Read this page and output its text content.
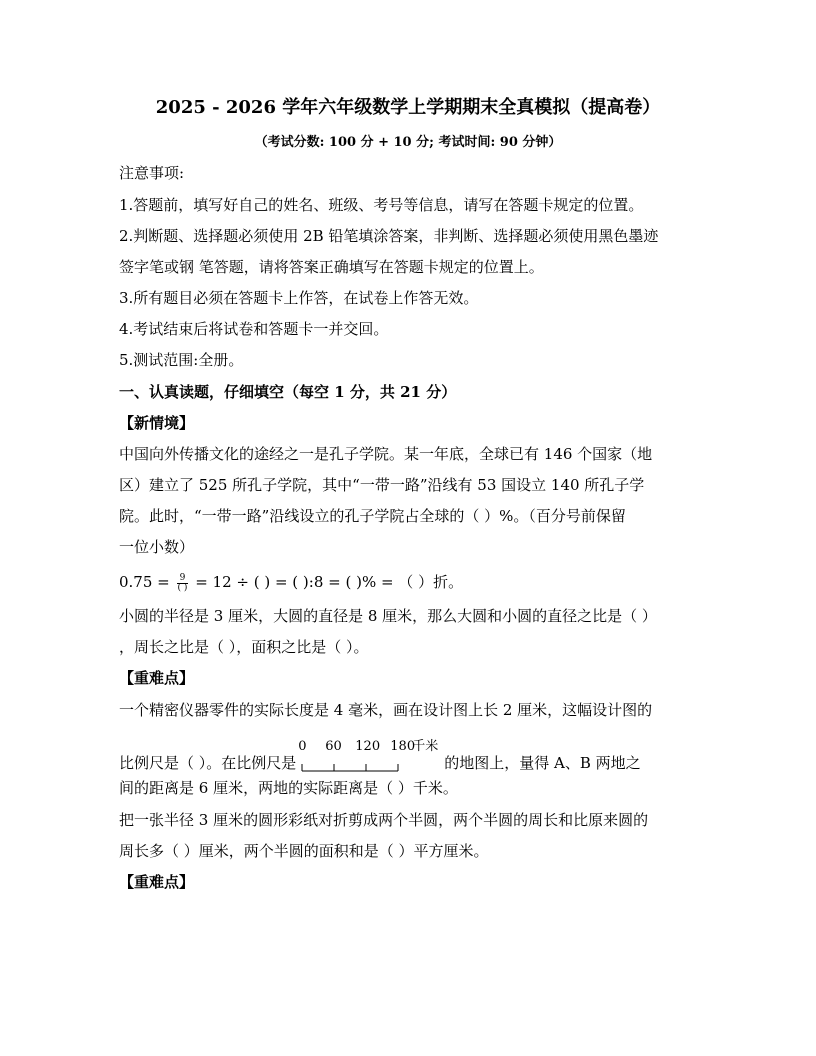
2025 - 2026 学年六年级数学上学期期末全真模拟（提高卷）
（考试分数: 100 分 + 10 分; 考试时间: 90 分钟）
注意事项:
1.答题前，填写好自己的姓名、班级、考号等信息，请写在答题卡规定的位置。
2.判断题、选择题必须使用 2B 铅笔填涂答案，非判断、选择题必须使用黑色墨迹
签字笔或钢 笔答题，请将答案正确填写在答题卡规定的位置上。
3.所有题目必须在答题卡上作答，在试卷上作答无效。
4.考试结束后将试卷和答题卡一并交回。
5.测试范围:全册。
一、认真读题，仔细填空（每空 1 分，共 21 分）
【新情境】
中国向外传播文化的途经之一是孔子学院。某一年底，全球已有 146 个国家（地
区）建立了 525 所孔子学院，其中“一带一路”沿线有 53 国设立 140 所孔子学
院。此时，“一带一路”沿线设立的孔子学院占全球的（ ）%。（百分号前保留
一位小数）
$0.75 = \frac{9}{( )} = 12$ ÷ ( ) = ( ):8 = ( )% = （ ）折。
小圆的半径是 3 厘米，大圆的直径是 8 厘米，那么大圆和小圆的直径之比是（ ）
，周长之比是（ ），面积之比是（ ）。
【重难点】
一个精密仪器零件的实际长度是 4 毫米，画在设计图上长 2 厘米，这幅设计图的
比例尺是（ ）。在比例尺是
0 60 120 180
千米
的地图上，量得 A、B 两地之
间的距离是 6 厘米，两地的实际距离是（ ）千米。
把一张半径 3 厘米的圆形彩纸对折剪成两个半圆，两个半圆的周长和比原来圆的
周长多（ ）厘米，两个半圆的面积和是（ ）平方厘米。
【重难点】
